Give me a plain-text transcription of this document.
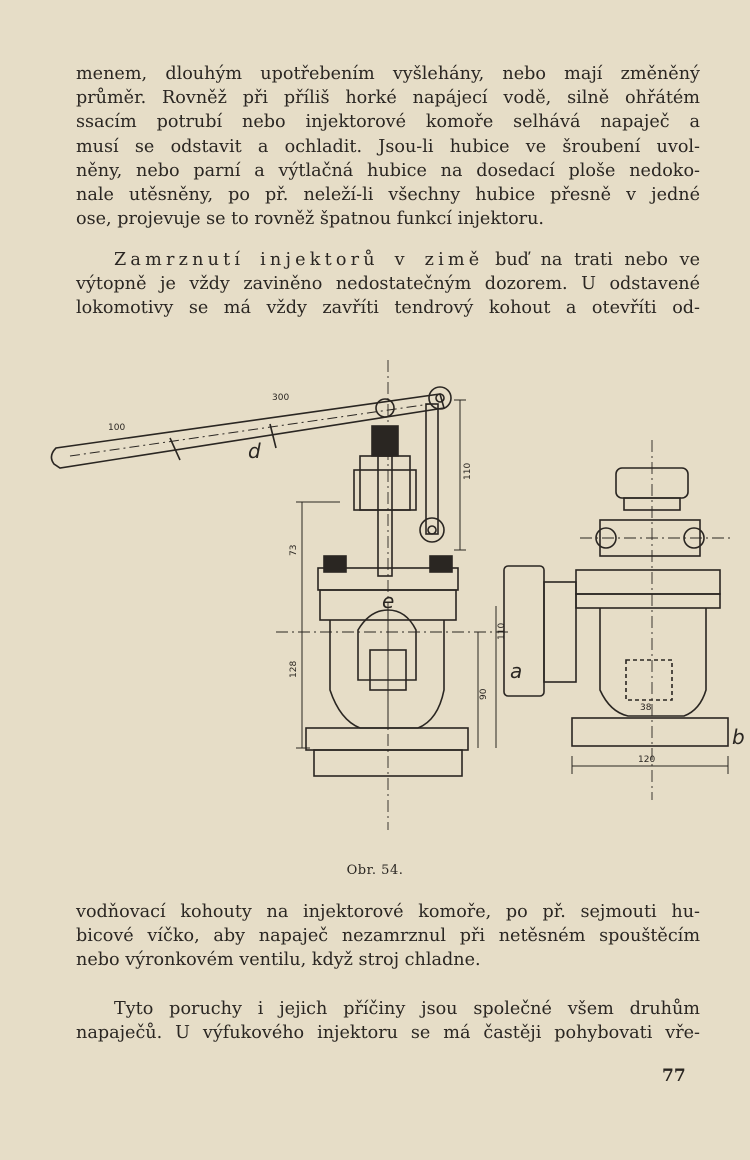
menem, dlouhým upotřebením vyšlehány, nebo mají změněný
průměr. Rovněž při příliš horké napájecí vodě, silně ohřátém
ssacím potrubí nebo injektorové komoře selhává napaječ a
musí se odstavit a ochladit. Jsou-li hubice ve šroubení uvol-
něny, nebo parní a výtlačná hubice na dosedací ploše nedoko-
nale utěsněny, po př. neleží-li všechny hubice přesně v jedné
ose, projevuje se to rovněž špatnou funkcí injektoru.
Zamrznutí injektorů v zimě buď na trati nebo ve
výtopně je vždy zaviněno nedostatečným dozorem. U odstavené
lokomotivy se má vždy zavříti tendrový kohout a otevříti od-
300
100
110
73
128
90
110
38
120
d
e
a
b
Obr. 54.
vodňovací kohouty na injektorové komoře, po př. sejmouti hu-
bicové víčko, aby napaječ nezamrznul při netěsném spouštěcím
nebo výronkovém ventilu, když stroj chladne.
Tyto poruchy i jejich příčiny jsou společné všem druhům
napaječů. U výfukového injektoru se má častěji pohybovati vře-
77
